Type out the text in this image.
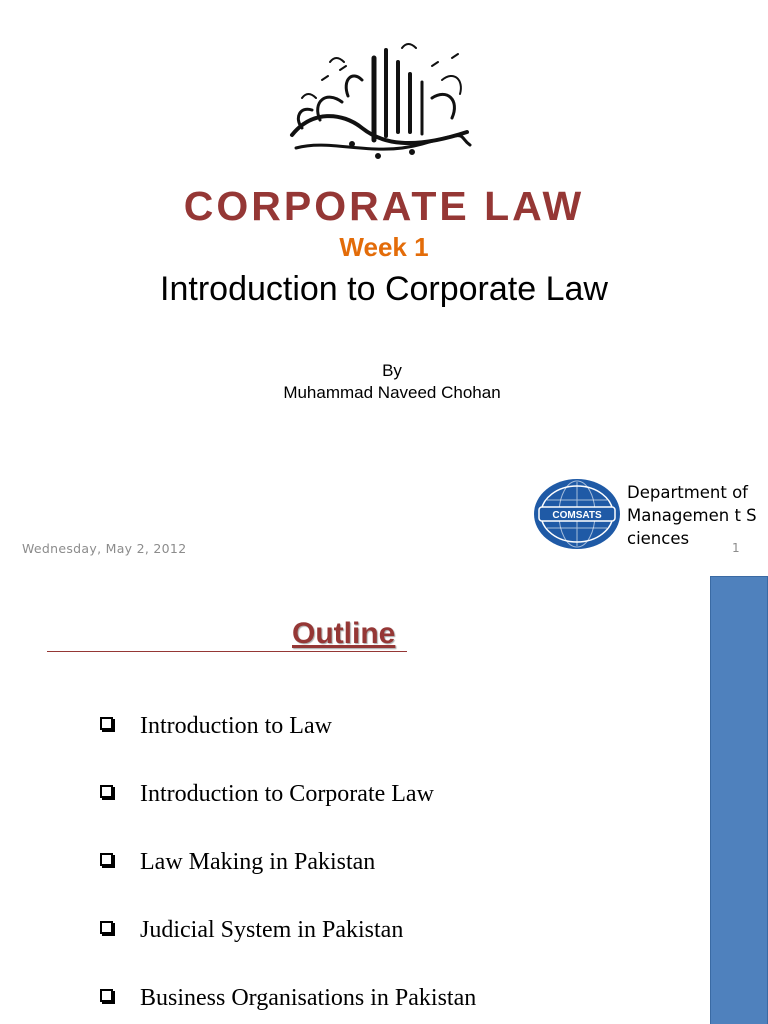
CORPORATE LAW
Week 1
Introduction to Corporate Law
By
Muhammad Naveed Chohan
COMSATS
Department of Managemen t Sciences
Wednesday, May 2, 2012	1
Outline
Introduction to Law
Introduction to Corporate Law
Law Making in Pakistan
Judicial System in Pakistan
Business Organisations in Pakistan
